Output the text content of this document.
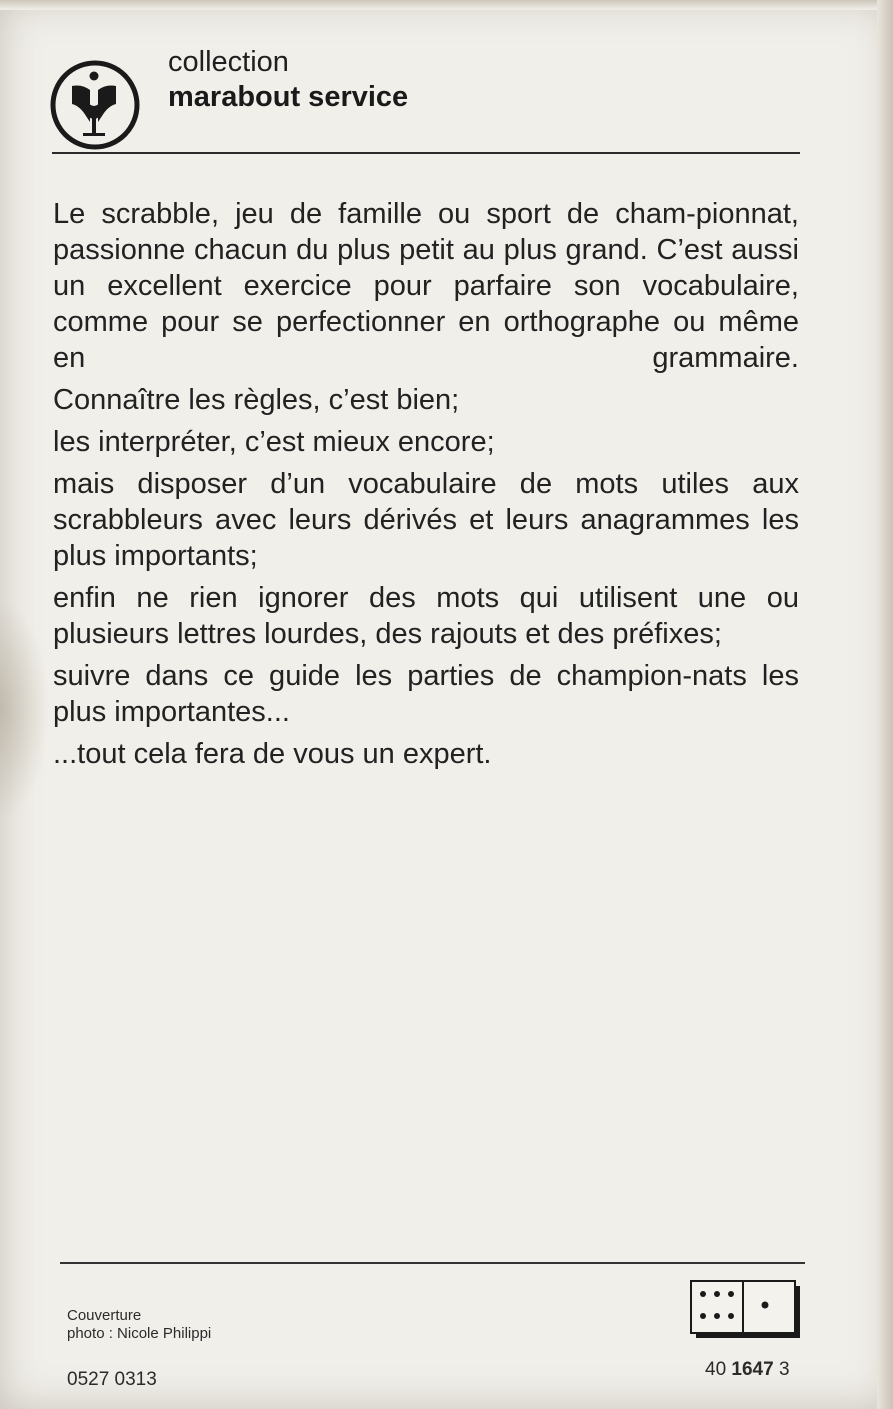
collection
marabout service

Le scrabble, jeu de famille ou sport de cham-pionnat, passionne chacun du plus petit au plus grand. C’est aussi un excellent exercice pour parfaire son vocabulaire, comme pour se perfectionner en orthographe ou même en grammaire.

Connaître les règles, c’est bien;

les interpréter, c’est mieux encore;

mais disposer d’un vocabulaire de mots utiles aux scrabbleurs avec leurs dérivés et leurs anagrammes les plus importants;

enfin ne rien ignorer des mots qui utilisent une ou plusieurs lettres lourdes, des rajouts et des préfixes;

suivre dans ce guide les parties de champion-nats les plus importantes...

...tout cela fera de vous un expert.

Couverture
photo : Nicole Philippi
0527 0313	40 1647 3
